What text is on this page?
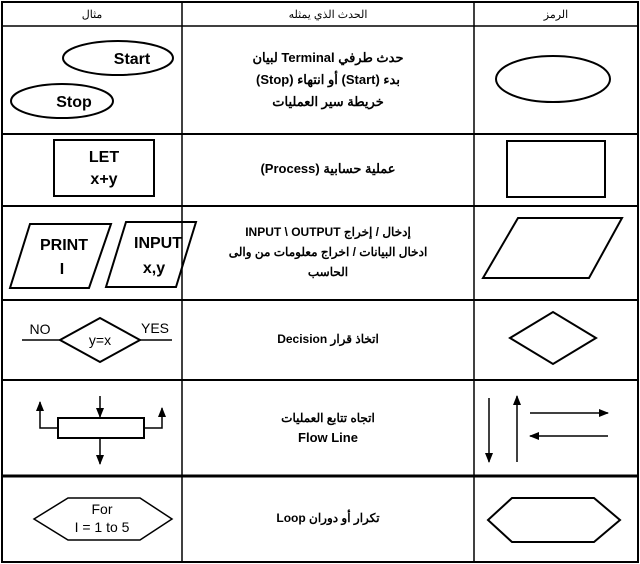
مثال	الحدث الذي يمثله	الرمز
Start
Stop
حدث طرفي Terminal لبيان
بدء (Start) أو انتهاء (Stop)
خريطة سير العمليات
LET
x+y
عملية حسابية (Process)
PRINT
I
INPUT
x,y
إدخال / إخراج INPUT \ OUTPUT
ادخال البيانات / اخراج معلومات من والى
الحاسب
NO
y=x
YES
اتخاذ قرار Decision
اتجاه تتابع العمليات
Flow Line
For
I = 1 to 5
تكرار أو دوران Loop
